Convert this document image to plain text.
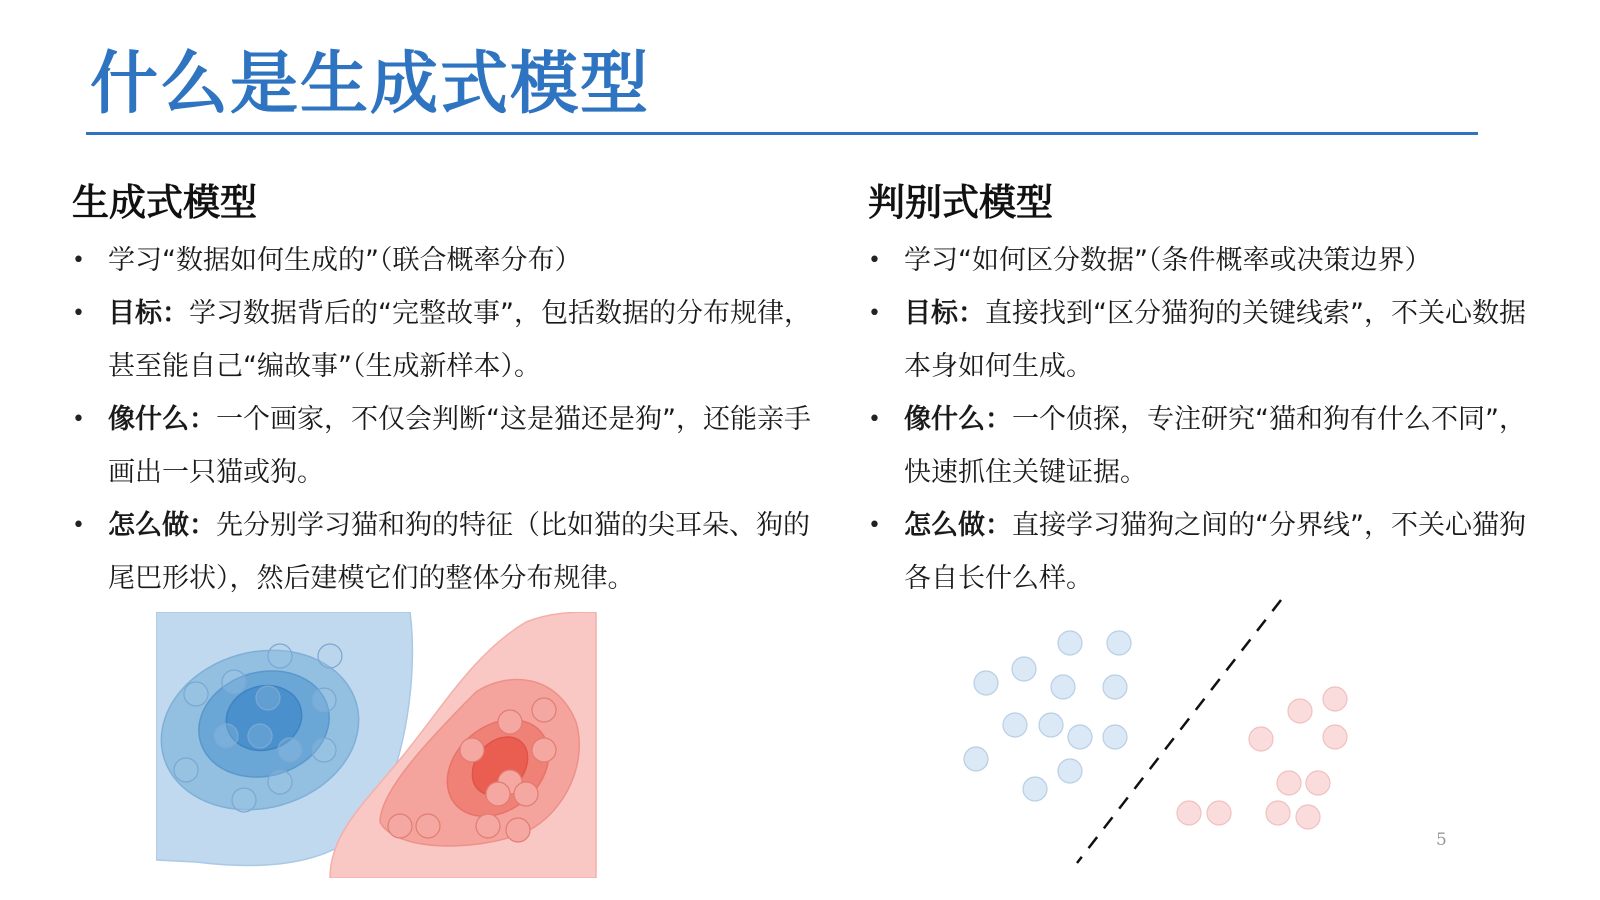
什么是生成式模型
生成式模型
• 学习“数据如何生成的”（联合概率分布）
• 目标：学习数据背后的“完整故事”，包括数据的分布规律，甚至能自己“编故事”（生成新样本）。
• 像什么：一个画家，不仅会判断“这是猫还是狗”，还能亲手画出一只猫或狗。
• 怎么做：先分别学习猫和狗的特征（比如猫的尖耳朵、狗的尾巴形状），然后建模它们的整体分布规律。
判别式模型
• 学习“如何区分数据”（条件概率或决策边界）
• 目标：直接找到“区分猫狗的关键线索”，不关心数据本身如何生成。
• 像什么：一个侦探，专注研究“猫和狗有什么不同”，快速抓住关键证据。
• 怎么做：直接学习猫狗之间的“分界线”，不关心猫狗各自长什么样。
5
